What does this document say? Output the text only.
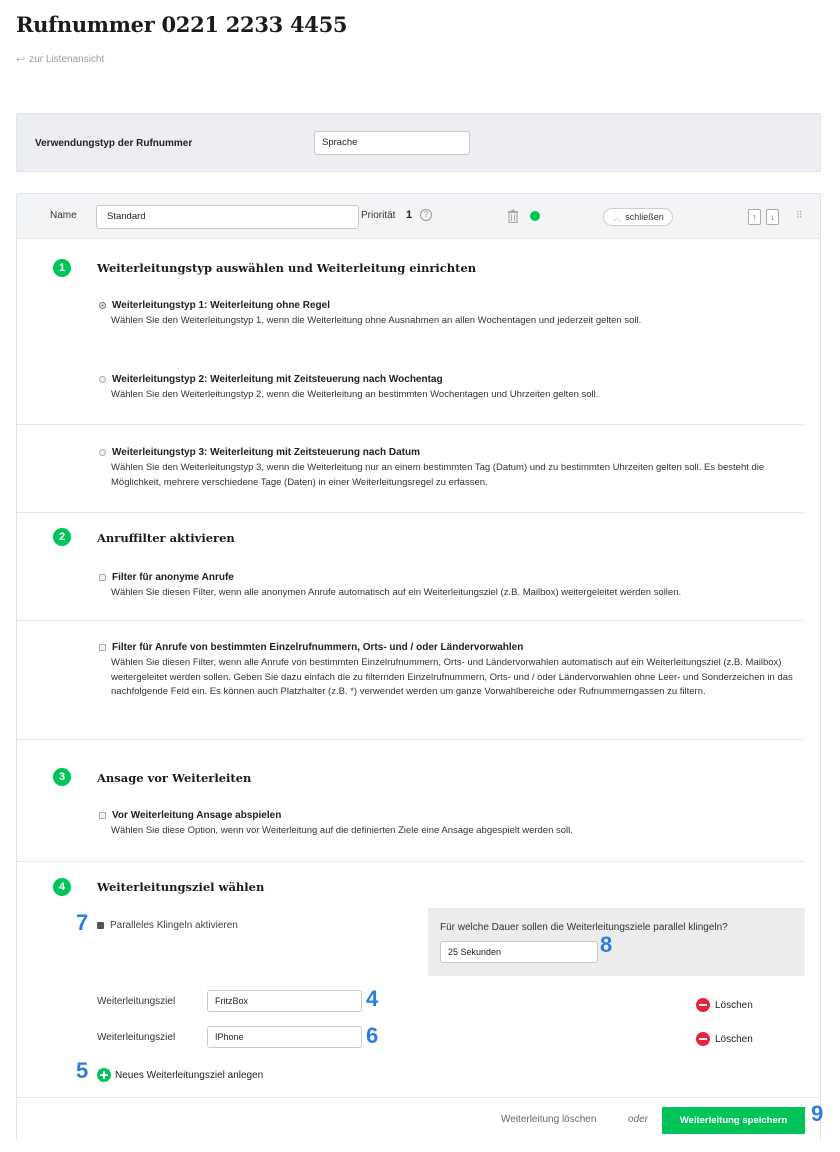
Rufnummer 0221 2233 4455
↩ zur Listenansicht
Verwendungstyp der Rufnummer	Sprache
Name	Standard	Priorität 1	?	︿ schließen	↑	↓	⠿
1	Weiterleitungstyp auswählen und Weiterleitung einrichten
Weiterleitungstyp 1: Weiterleitung ohne Regel
Wählen Sie den Weiterleitungstyp 1, wenn die Weiterleitung ohne Ausnahmen an allen Wochentagen und jederzeit gelten soll.
Weiterleitungstyp 2: Weiterleitung mit Zeitsteuerung nach Wochentag
Wählen Sie den Weiterleitungstyp 2, wenn die Weiterleitung an bestimmten Wochentagen und Uhrzeiten gelten soll.
Weiterleitungstyp 3: Weiterleitung mit Zeitsteuerung nach Datum
Wählen Sie den Weiterleitungstyp 3, wenn die Weiterleitung nur an einem bestimmten Tag (Datum) und zu bestimmten Uhrzeiten gelten soll. Es besteht die Möglichkeit, mehrere verschiedene Tage (Daten) in einer Weiterleitungsregel zu erfassen.
2	Anruffilter aktivieren
Filter für anonyme Anrufe
Wählen Sie diesen Filter, wenn alle anonymen Anrufe automatisch auf ein Weiterleitungsziel (z.B. Mailbox) weitergeleitet werden sollen.
Filter für Anrufe von bestimmten Einzelrufnummern, Orts- und / oder Ländervorwahlen
Wählen Sie diesen Filter, wenn alle Anrufe von bestimmten Einzelrufnummern, Orts- und Ländervorwahlen automatisch auf ein Weiterleitungsziel (z.B. Mailbox) weitergeleitet werden sollen. Geben Sie dazu einfach die zu filternden Einzelrufnummern, Orts- und / oder Ländervorwahlen ohne Leer- und Sonderzeichen in das nachfolgende Feld ein. Es können auch Platzhalter (z.B. *) verwendet werden um ganze Vorwahlbereiche oder Rufnummerngassen zu filtern.
3	Ansage vor Weiterleiten
Vor Weiterleitung Ansage abspielen
Wählen Sie diese Option, wenn vor Weiterleitung auf die definierten Ziele eine Ansage abgespielt werden soll.
4	Weiterleitungsziel wählen
7 Paralleles Klingeln aktivieren	Für welche Dauer sollen die Weiterleitungsziele parallel klingeln?
25 Sekunden	8
Weiterleitungsziel	FritzBox	4	Löschen
Weiterleitungsziel	IPhone	6	Löschen
5	Neues Weiterleitungsziel anlegen
Weiterleitung löschen	oder	Weiterleitung speichern	9
